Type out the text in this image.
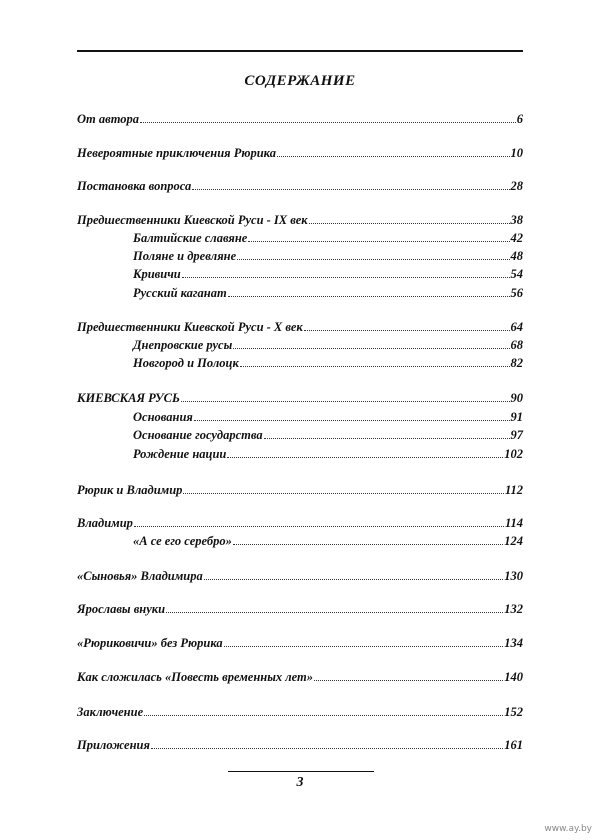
СОДЕРЖАНИЕ
От автора	6
Невероятные приключения Рюрика	10
Постановка вопроса	28
Предшественники Киевской Руси - IX век	38
Балтийские славяне	42
Поляне и древляне	48
Кривичи	54
Русский каганат	56
Предшественники Киевской Руси - X век	64
Днепровские русы	68
Новгород и Полоцк	82
КИЕВСКАЯ РУСЬ	90
Основания	91
Основание государства	97
Рождение нации	102
Рюрик и Владимир	112
Владимир	114
«А се его серебро»	124
«Сыновья» Владимира	130
Ярославы внуки	132
«Рюриковичи» без Рюрика	134
Как сложилась «Повесть временных лет»	140
Заключение	152
Приложения	161
3
www.ay.by
